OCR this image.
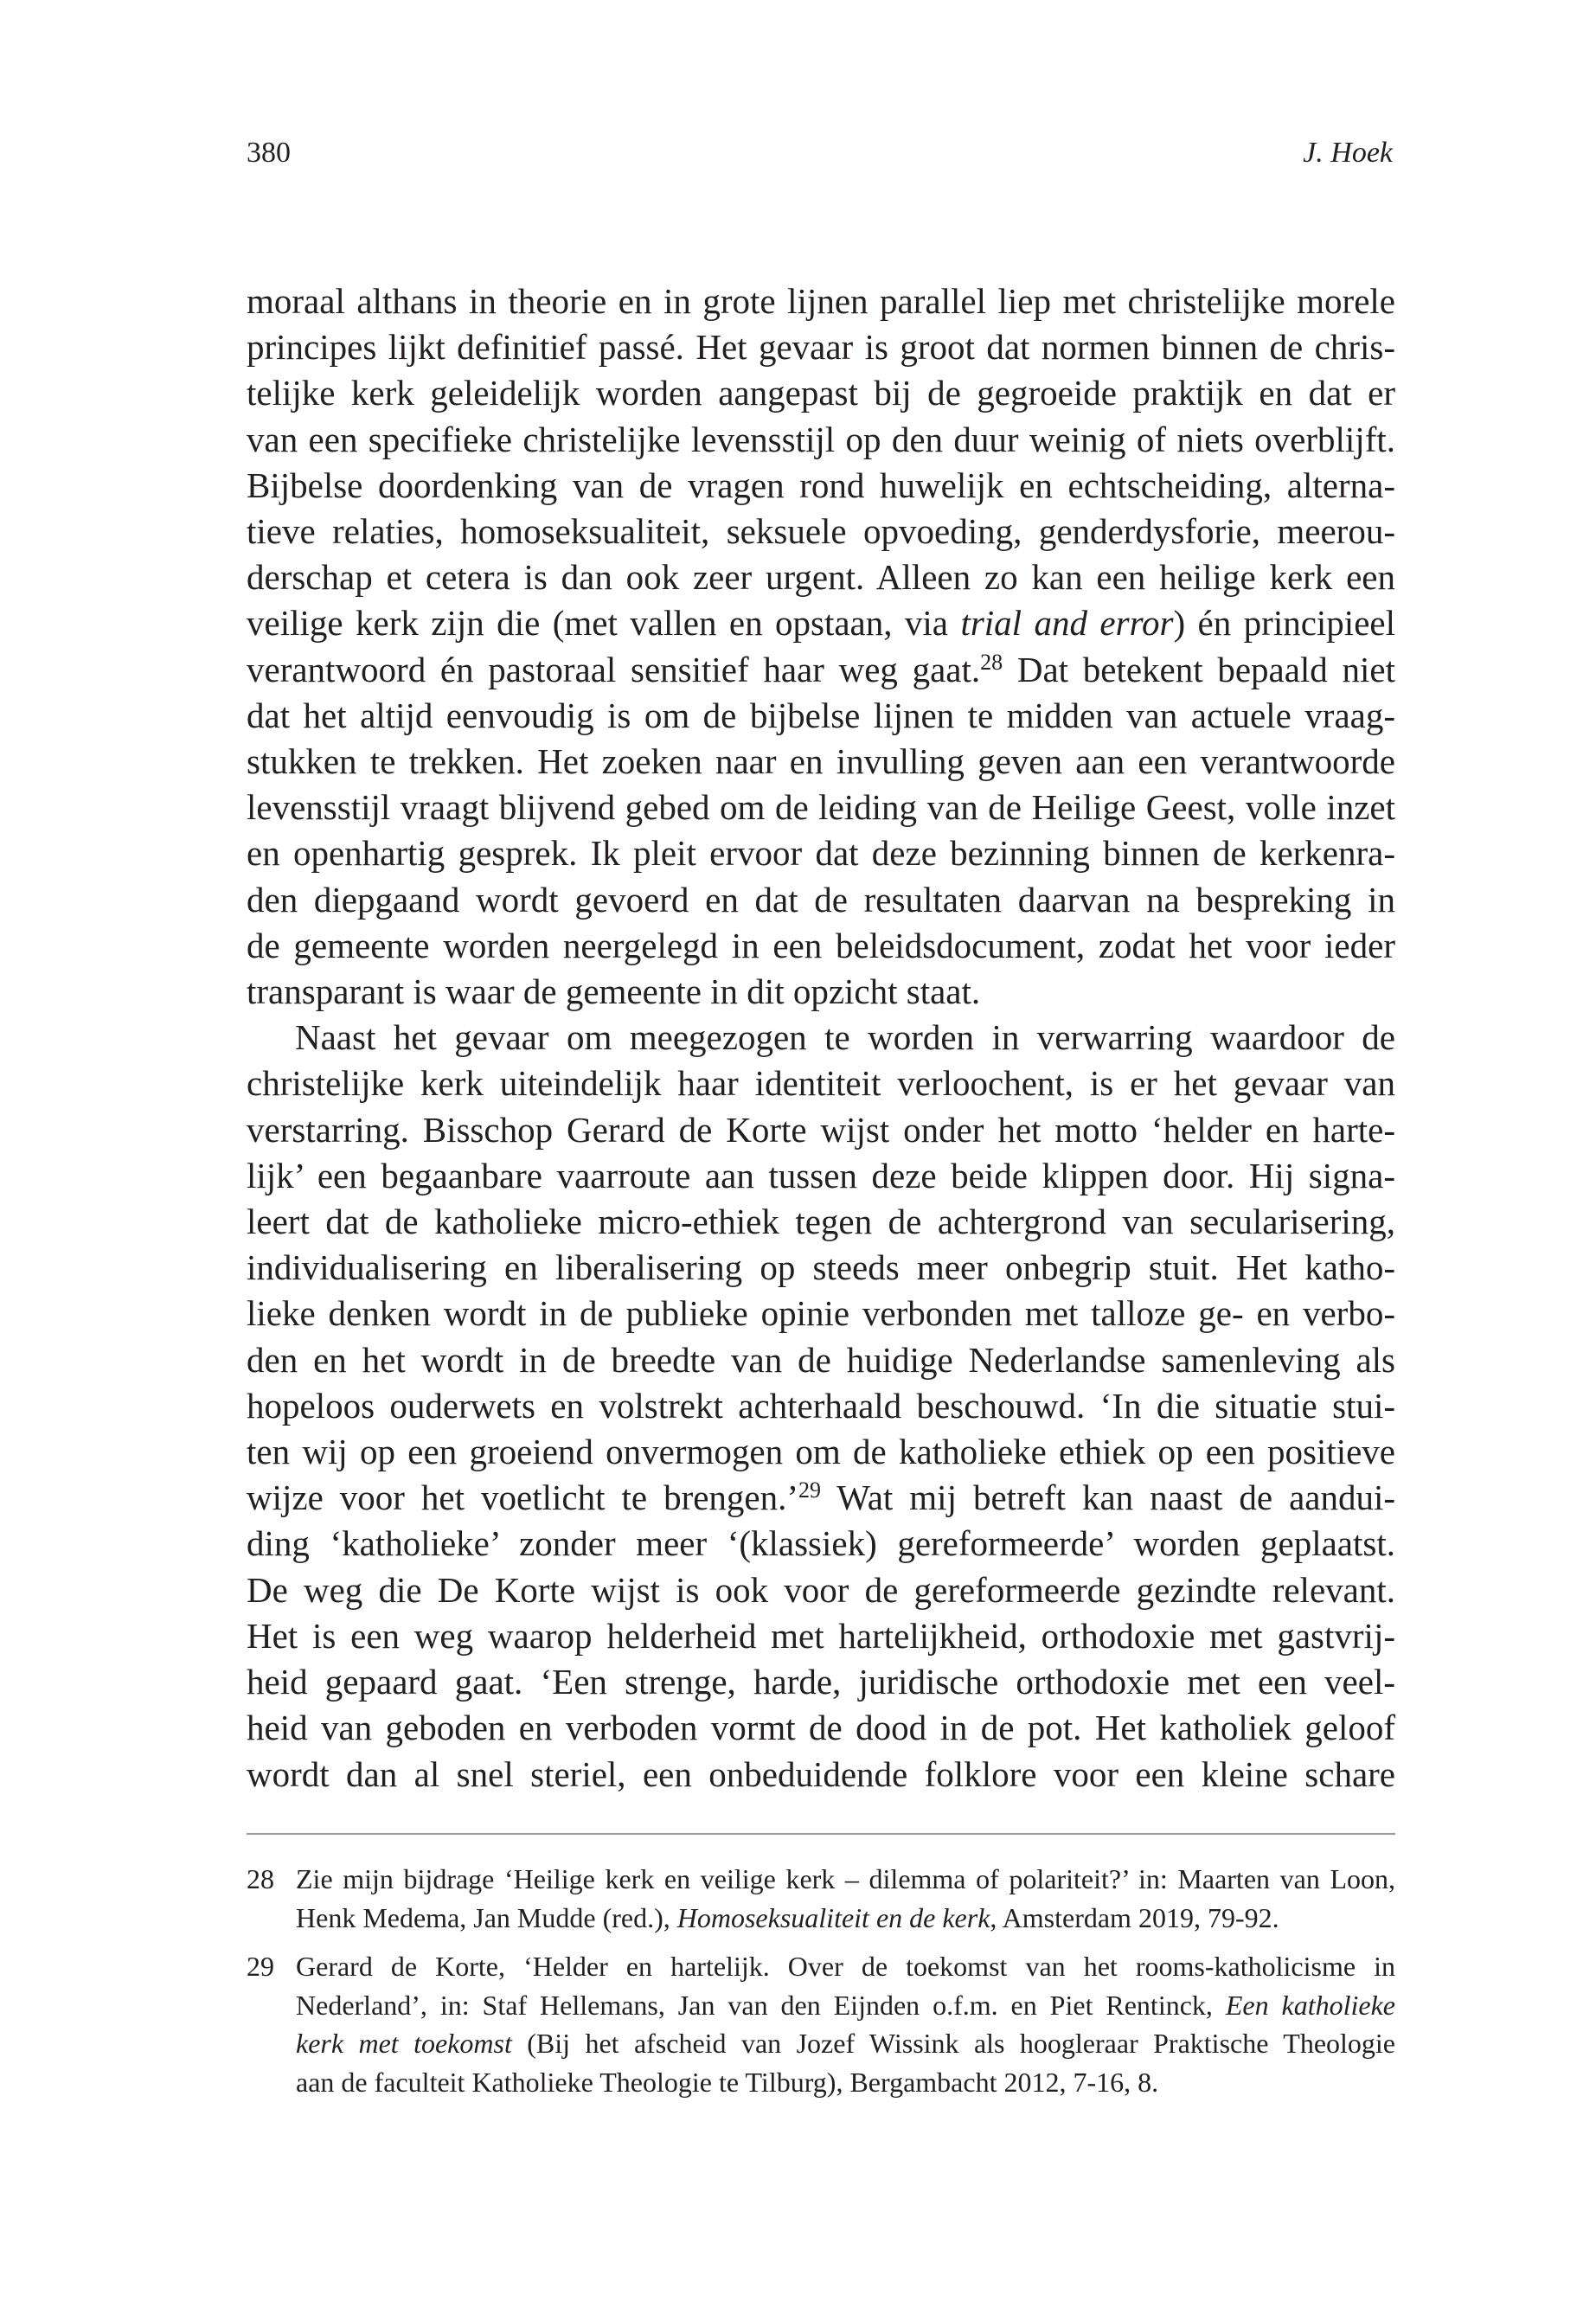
380	J. Hoek
moraal althans in theorie en in grote lijnen parallel liep met christelijke morele
principes lijkt definitief passé. Het gevaar is groot dat normen binnen de chris-
telijke kerk geleidelijk worden aangepast bij de gegroeide praktijk en dat er
van een specifieke christelijke levensstijl op den duur weinig of niets overblijft.
Bijbelse doordenking van de vragen rond huwelijk en echtscheiding, alterna-
tieve relaties, homoseksualiteit, seksuele opvoeding, genderdysforie, meerou-
derschap et cetera is dan ook zeer urgent. Alleen zo kan een heilige kerk een
veilige kerk zijn die (met vallen en opstaan, via trial and error) én principieel
verantwoord én pastoraal sensitief haar weg gaat.$^{28}$ Dat betekent bepaald niet
dat het altijd eenvoudig is om de bijbelse lijnen te midden van actuele vraag-
stukken te trekken. Het zoeken naar en invulling geven aan een verantwoorde
levensstijl vraagt blijvend gebed om de leiding van de Heilige Geest, volle inzet
en openhartig gesprek. Ik pleit ervoor dat deze bezinning binnen de kerkenra-
den diepgaand wordt gevoerd en dat de resultaten daarvan na bespreking in
de gemeente worden neergelegd in een beleidsdocument, zodat het voor ieder
transparant is waar de gemeente in dit opzicht staat.
Naast het gevaar om meegezogen te worden in verwarring waardoor de
christelijke kerk uiteindelijk haar identiteit verloochent, is er het gevaar van
verstarring. Bisschop Gerard de Korte wijst onder het motto ‘helder en harte-
lijk’ een begaanbare vaarroute aan tussen deze beide klippen door. Hij signa-
leert dat de katholieke micro-ethiek tegen de achtergrond van secularisering,
individualisering en liberalisering op steeds meer onbegrip stuit. Het katho-
lieke denken wordt in de publieke opinie verbonden met talloze ge- en verbo-
den en het wordt in de breedte van de huidige Nederlandse samenleving als
hopeloos ouderwets en volstrekt achterhaald beschouwd. ‘In die situatie stui-
ten wij op een groeiend onvermogen om de katholieke ethiek op een positieve
wijze voor het voetlicht te brengen.’$^{29}$ Wat mij betreft kan naast de aandui-
ding ‘katholieke’ zonder meer ‘(klassiek) gereformeerde’ worden geplaatst.
De weg die De Korte wijst is ook voor de gereformeerde gezindte relevant.
Het is een weg waarop helderheid met hartelijkheid, orthodoxie met gastvrij-
heid gepaard gaat. ‘Een strenge, harde, juridische orthodoxie met een veel-
heid van geboden en verboden vormt de dood in de pot. Het katholiek geloof
wordt dan al snel steriel, een onbeduidende folklore voor een kleine schare
28 Zie mijn bijdrage ‘Heilige kerk en veilige kerk – dilemma of polariteit?’ in: Maarten van Loon,
Henk Medema, Jan Mudde (red.), Homoseksualiteit en de kerk, Amsterdam 2019, 79-92.
29 Gerard de Korte, ‘Helder en hartelijk. Over de toekomst van het rooms-katholicisme in
Nederland’, in: Staf Hellemans, Jan van den Eijnden o.f.m. en Piet Rentinck, Een katholieke
kerk met toekomst (Bij het afscheid van Jozef Wissink als hoogleraar Praktische Theologie
aan de faculteit Katholieke Theologie te Tilburg), Bergambacht 2012, 7-16, 8.
